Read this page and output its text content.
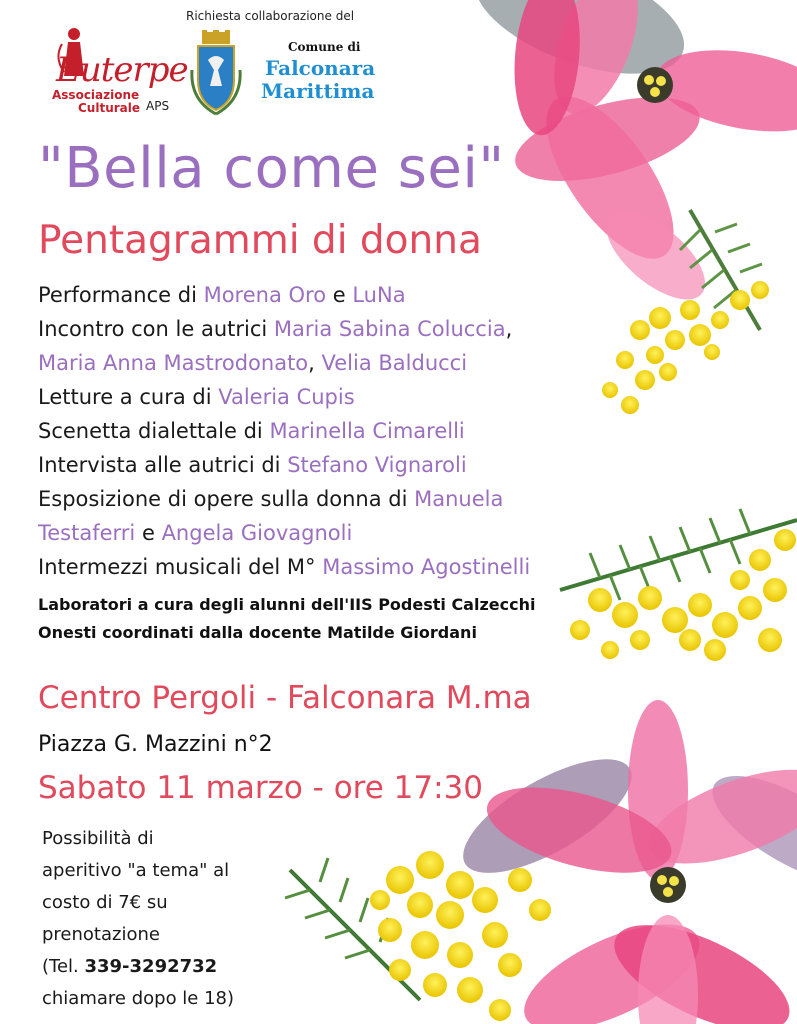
Euterpe
Associazione
Culturale APS
Richiesta collaborazione del
Comune di
Falconara
Marittima
"Bella come sei"
Pentagrammi di donna
Performance di Morena Oro e LuNa
Incontro con le autrici Maria Sabina Coluccia,
Maria Anna Mastrodonato, Velia Balducci
Letture a cura di Valeria Cupis
Scenetta dialettale di Marinella Cimarelli
Intervista alle autrici di Stefano Vignaroli
Esposizione di opere sulla donna di Manuela
Testaferri e Angela Giovagnoli
Intermezzi musicali del M° Massimo Agostinelli
Laboratori a cura degli alunni dell'IIS Podesti Calzecchi
Onesti coordinati dalla docente Matilde Giordani
Centro Pergoli - Falconara M.ma
Piazza G. Mazzini n°2
Sabato 11 marzo - ore 17:30
Possibilità di
aperitivo "a tema" al
costo di 7€ su
prenotazione
(Tel. 339-3292732
chiamare dopo le 18)
